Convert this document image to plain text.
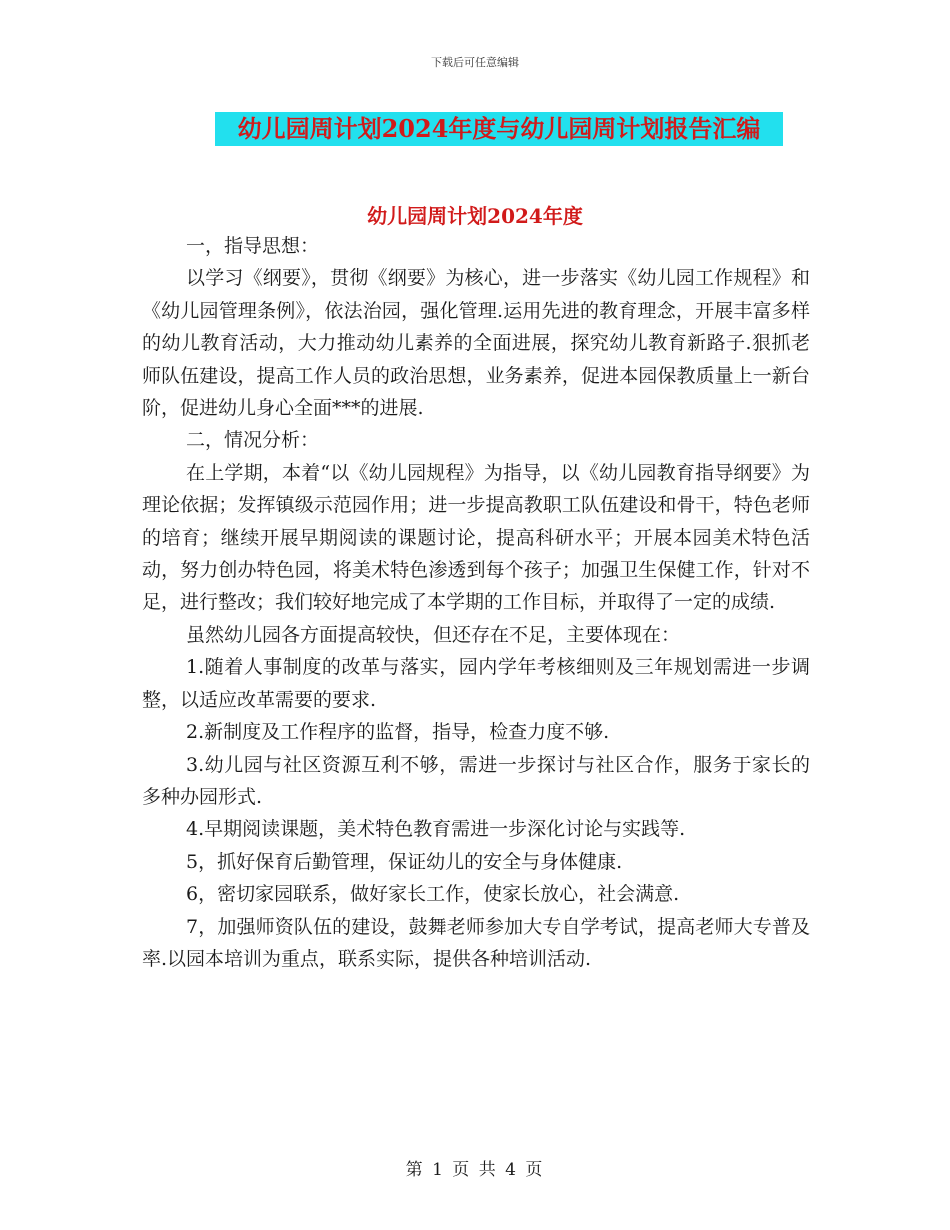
下载后可任意编辑
幼儿园周计划2024年度与幼儿园周计划报告汇编
幼儿园周计划2024年度

一，指导思想：

以学习《纲要》，贯彻《纲要》为核心，进一步落实《幼儿园工作规程》和《幼儿园管理条例》，依法治园，强化管理.运用先进的教育理念，开展丰富多样的幼儿教育活动，大力推动幼儿素养的全面进展，探究幼儿教育新路子.狠抓老师队伍建设，提高工作人员的政治思想，业务素养，促进本园保教质量上一新台阶，促进幼儿身心全面***的进展.

二，情况分析：

在上学期，本着“以《幼儿园规程》为指导，以《幼儿园教育指导纲要》为理论依据；发挥镇级示范园作用；进一步提高教职工队伍建设和骨干，特色老师的培育；继续开展早期阅读的课题讨论，提高科研水平；开展本园美术特色活动，努力创办特色园，将美术特色渗透到每个孩子；加强卫生保健工作，针对不足，进行整改；我们较好地完成了本学期的工作目标，并取得了一定的成绩.

虽然幼儿园各方面提高较快，但还存在不足，主要体现在：

1.随着人事制度的改革与落实，园内学年考核细则及三年规划需进一步调整，以适应改革需要的要求.

2.新制度及工作程序的监督，指导，检查力度不够.

3.幼儿园与社区资源互利不够，需进一步探讨与社区合作，服务于家长的多种办园形式.

4.早期阅读课题，美术特色教育需进一步深化讨论与实践等.

5，抓好保育后勤管理，保证幼儿的安全与身体健康.

6，密切家园联系，做好家长工作，使家长放心，社会满意.

7，加强师资队伍的建设，鼓舞老师参加大专自学考试，提高老师大专普及率.以园本培训为重点，联系实际，提供各种培训活动.

第 1 页 共 4 页
